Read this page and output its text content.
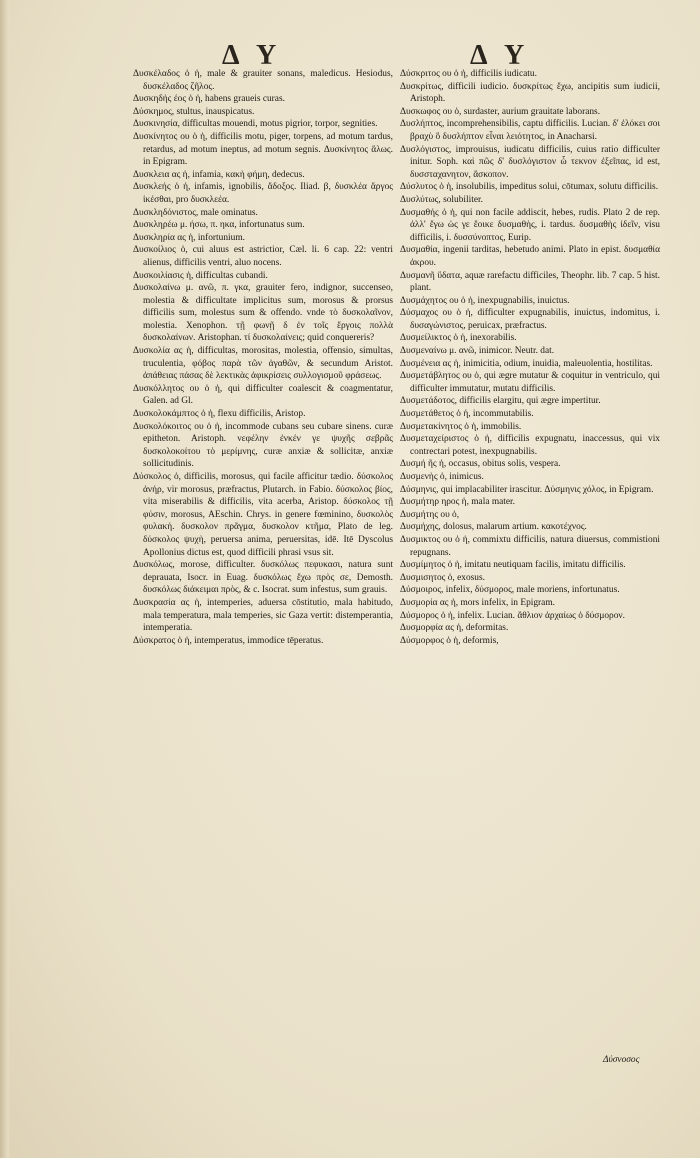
Δ Υ	Δ Υ

Δυσκέλαδος ὁ ἡ, male & grauiter sonans, maledicus. Hesiodus, δυσκέλαδος ζῆλος.

Δυσκηδής έος ὁ ἡ, habens graueis curas.

Δύσκημος, stultus, inauspicatus.

Δυσκινησία, difficultas mouendi, motus pigrior, torpor, segnities.

Δυσκίνητος ου ὁ ἡ, difficilis motu, piger, torpens, ad motum tardus, retardus, ad motum ineptus, ad motum segnis. Δυσκίνητος ἅλως. in Epigram.

Δυσκλεια ας ἡ, infamia, κακὴ φήμη, dedecus.

Δυσκλεής ὁ ἡ, infamis, ignobilis, ἄδοξος. Iliad. β, δυσκλέα ἄργος ἱκέσθαι, pro δυσκλεέα.

Δυσκληδόνιστος, male ominatus.

Δυσκληρέω μ. ήσω, π. ηκα, infortunatus sum.

Δυσκληρία ας ἡ, infortunium.

Δυσκοίλιος ὁ, cui aluus est astrictior, Cæl. li. 6 cap. 22: ventri alienus, difficilis ventri, aluo nocens.

Δυσκοιλίασις ἡ, difficultas cubandi.

Δυσκολαίνω μ. ανῶ, π. γκα, grauiter fero, indignor, succenseo, molestia & difficultate implicitus sum, morosus & prorsus difficilis sum, molestus sum & offendo. vnde τὸ δυσκολαῖνον, molestia. Xenophon. τῇ φωνῇ δ ἐν τοῖς ἔργοις πολλὰ δυσκολαίνων. Aristophan. τί δυσκολαίνεις; quid conquereris?

Δυσκολία ας ἡ, difficultas, morositas, molestia, offensio, simultas, truculentia, φόβος παρὰ τῶν ἀγαθῶν, & secundum Aristot. ἀπάθειας πάσας δὲ λεκτικὰς ἀφικρίσεις συλλογισμοῦ φράσεως.

Δυσκόλλητος ου ὁ ἡ, qui difficulter coalescit & coagmentatur, Galen. ad Gl.

Δυσκολοκάμπτος ὁ ἡ, flexu difficilis, Aristop.

Δυσκολόκοιτος ου ὁ ἡ, incommode cubans seu cubare sinens. curæ epitheton. Aristoph. νεφέλην ἐνκέν γε ψυχῆς σεβρᾶς δυσκολοκοίτου τὸ μερίμνης, curæ anxiæ & sollicitæ, anxiæ sollicitudinis.

Δύσκολος ὁ, difficilis, morosus, qui facile afficitur tædio. δύσκολος ἀνήρ, vir morosus, præfractus, Plutarch. in Fabio. δύσκολος βίος, vita miserabilis & difficilis, vita acerba, Aristop. δύσκολος τῇ φύσιν, morosus, AEschin. Chrys. in genere fœminino, δυσκολὸς φυλακή. δυσκολον πρᾶγμα, δυσκολον κτῆμα, Plato de leg. δύσκολος ψυχὴ, peruersa anima, peruersitas, idē. Itē Dyscolus Apollonius dictus est, quod difficili phrasi vsus sit.

Δυσκόλως, morose, difficulter. δυσκόλως πεφυκασι, natura sunt deprauata, Isocr. in Euag. δυσκόλως ἔχω πρὸς σε, Demosth. δυσκόλως διάκειμαι πρὸς, & c. Isocrat. sum infestus, sum grauis.

Δυσκρασία ας ἡ, intemperies, aduersa cōstitutio, mala habitudo, mala temperatura, mala temperies, sic Gaza vertit: distemperantia, intemperatia.

Δύσκρατος ὁ ἡ, intemperatus, immodice tēperatus.

Δύσκριτος ου ὁ ἡ, difficilis iudicatu.

Δυσκρίτως, difficili iudicio. δυσκρίτως ἔχω, ancipitis sum iudicii, Aristoph.

Δυσκωφος ου ὁ, surdaster, aurium grauitate laborans.

Δυσλήπτος, incomprehensibilis, captu difficilis. Lucian. δ' ἐλόκει σοι βραχὺ ὃ δυσλήπτον εἶναι λειότητος, in Anacharsi.

Δυσλόγιστος, improuisus, iudicatu difficilis, cuius ratio difficulter initur. Soph. καὶ πῶς δ' δυσλόγιστον ὦ τεκνον ἐξεῖπας, id est, δυσσταχανητον, ἄσκοπον.

Δύσλυτος ὁ ἡ, insolubilis, impeditus solui, cōtumax, solutu difficilis.

Δυσλύτως, solubiliter.

Δυσμαθής ὁ ἡ, qui non facile addiscit, hebes, rudis. Plato 2 de rep. ἀλλ' ἔγω ὡς γε ἔοικε δυσμαθὴς, i. tardus. δυσμαθὴς ἰδεῖν, visu difficilis, i. δυσσύνοπτος, Eurip.

Δυσμαθία, ingenii tarditas, hebetudo animi. Plato in epist. δυσμαθία ἀκρου.

Δυσμανῆ ὕδατα, aquæ rarefactu difficiles, Theophr. lib. 7 cap. 5 hist. plant.

Δυσμάχητος ου ὁ ἡ, inexpugnabilis, inuictus.

Δύσμαχος ου ὁ ἡ, difficulter expugnabilis, inuictus, indomitus, i. δυσαγώνιστος, peruicax, præfractus.

Δυσμείλικτος ὁ ἡ, inexorabilis.

Δυσμεναίνω μ. ανῶ, inimicor. Neutr. dat.

Δυσμένεια ας ἡ, inimicitia, odium, inuidia, maleuolentia, hostilitas.

Δυσμετάβλητος ου ὁ, qui ægre mutatur & coquitur in ventriculo, qui difficulter immutatur, mutatu difficilis.

Δυσμετάδοτος, difficilis elargitu, qui ægre impertitur.

Δυσμετάθετος ὁ ἡ, incommutabilis.

Δυσμετακίνητος ὁ ἡ, immobilis.

Δυσμεταχείριστος ὁ ἡ, difficilis expugnatu, inaccessus, qui vix contrectari potest, inexpugnabilis.

Δυσμή ῆς ἡ, occasus, obitus solis, vespera.

Δυσμενὴς ὁ, inimicus.

Δύσμηνις, qui implacabiliter irascitur. Δύσμηνις χόλος, in Epigram.

Δυσμήτηρ ηρος ἡ, mala mater.

Δυσμήτης ου ὁ,

Δυσμήχης, dolosus, malarum artium. κακοτέχνος.

Δυσμικτος ου ὁ ἡ, commixtu difficilis, natura diuersus, commistioni repugnans.

Δυσμίμητος ὁ ἡ, imitatu neutiquam facilis, imitatu difficilis.

Δυσμισητος ὁ, exosus.

Δύσμοιρος, infelix, δύσμορος, male moriens, infortunatus.

Δυσμορία ας ἡ, mors infelix, in Epigram.

Δύσμορος ὁ ἡ, infelix. Lucian. ἄθλιον ἀρχαίως ὁ δύσμορον.

Δυσμορφία ας ἡ, deformitas.

Δύσμορφος ὁ ἡ, deformis,

Δύσνοσος
